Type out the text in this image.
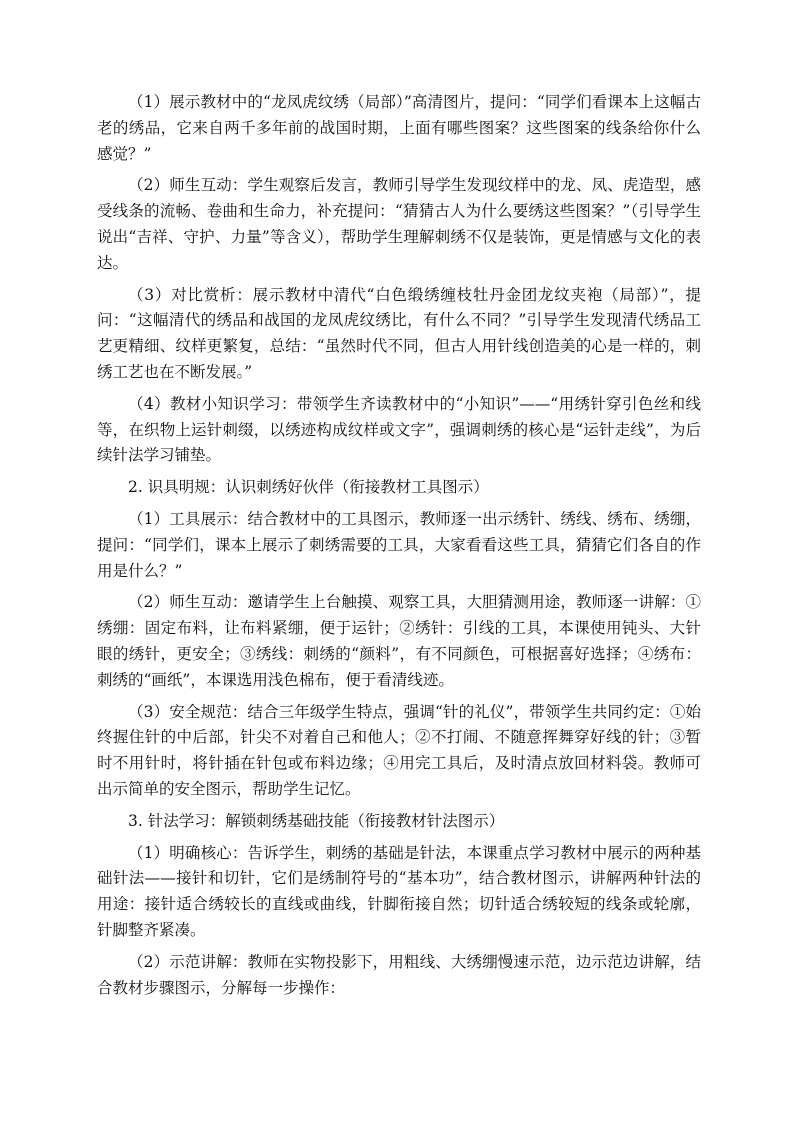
（1）展示教材中的“龙凤虎纹绣（局部）”高清图片，提问：“同学们看课本上这幅古老的绣品，它来自两千多年前的战国时期，上面有哪些图案？这些图案的线条给你什么感觉？”

（2）师生互动：学生观察后发言，教师引导学生发现纹样中的龙、凤、虎造型，感受线条的流畅、卷曲和生命力，补充提问：“猜猜古人为什么要绣这些图案？”（引导学生说出“吉祥、守护、力量”等含义），帮助学生理解刺绣不仅是装饰，更是情感与文化的表达。

（3）对比赏析：展示教材中清代“白色缎绣缠枝牡丹金团龙纹夹袍（局部）”，提问：“这幅清代的绣品和战国的龙凤虎纹绣比，有什么不同？”引导学生发现清代绣品工艺更精细、纹样更繁复，总结：“虽然时代不同，但古人用针线创造美的心是一样的，刺绣工艺也在不断发展。”

（4）教材小知识学习：带领学生齐读教材中的“小知识”——“用绣针穿引色丝和线等，在织物上运针刺缀，以绣迹构成纹样或文字”，强调刺绣的核心是“运针走线”，为后续针法学习铺垫。

2. 识具明规：认识刺绣好伙伴（衔接教材工具图示）

（1）工具展示：结合教材中的工具图示，教师逐一出示绣针、绣线、绣布、绣绷，提问：“同学们，课本上展示了刺绣需要的工具，大家看看这些工具，猜猜它们各自的作用是什么？”

（2）师生互动：邀请学生上台触摸、观察工具，大胆猜测用途，教师逐一讲解：①绣绷：固定布料，让布料紧绷，便于运针；②绣针：引线的工具，本课使用钝头、大针眼的绣针，更安全；③绣线：刺绣的“颜料”，有不同颜色，可根据喜好选择；④绣布：刺绣的“画纸”，本课选用浅色棉布，便于看清线迹。

（3）安全规范：结合三年级学生特点，强调“针的礼仪”，带领学生共同约定：①始终握住针的中后部，针尖不对着自己和他人；②不打闹、不随意挥舞穿好线的针；③暂时不用针时，将针插在针包或布料边缘；④用完工具后，及时清点放回材料袋。教师可出示简单的安全图示，帮助学生记忆。

3. 针法学习：解锁刺绣基础技能（衔接教材针法图示）

（1）明确核心：告诉学生，刺绣的基础是针法，本课重点学习教材中展示的两种基础针法——接针和切针，它们是绣制符号的“基本功”，结合教材图示，讲解两种针法的用途：接针适合绣较长的直线或曲线，针脚衔接自然；切针适合绣较短的线条或轮廓，针脚整齐紧凑。

（2）示范讲解：教师在实物投影下，用粗线、大绣绷慢速示范，边示范边讲解，结合教材步骤图示，分解每一步操作：
